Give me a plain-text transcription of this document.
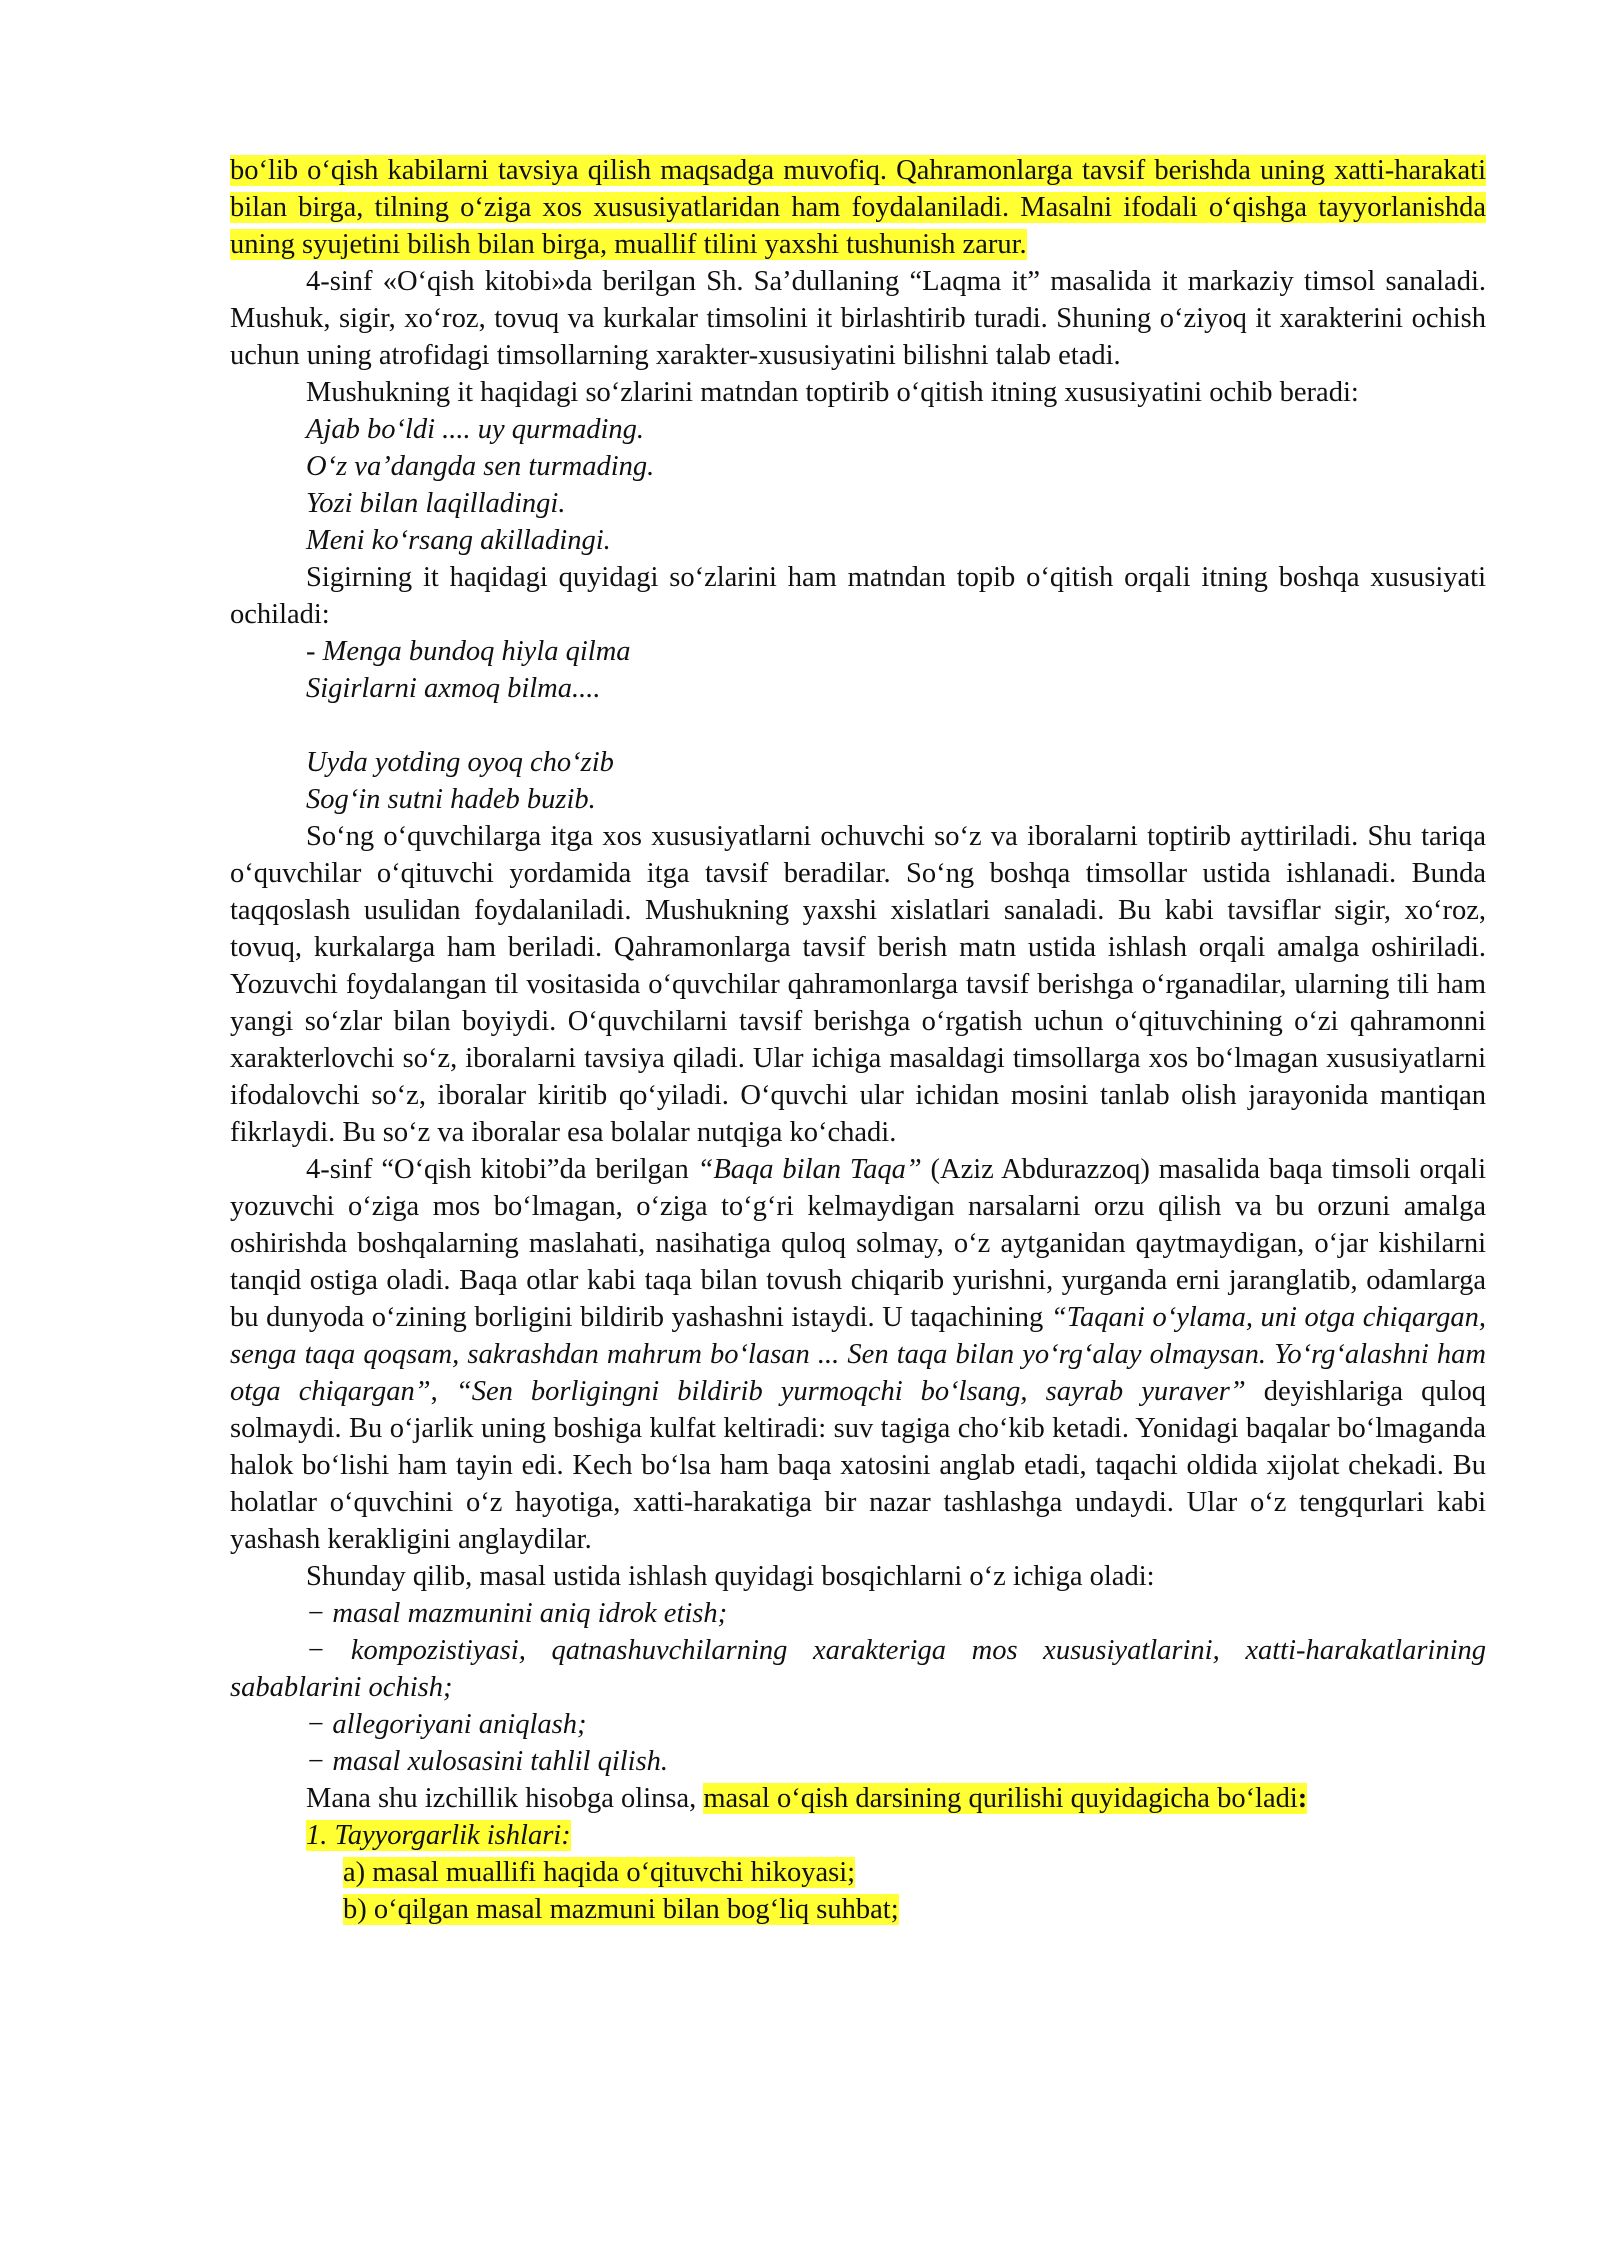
bo‘lib o‘qish kabilarni tavsiya qilish maqsadga muvofiq. Qahramonlarga tavsif berishda uning xatti-harakati bilan birga, tilning o‘ziga xos xususiyatlaridan ham foydalaniladi. Masalni ifodali o‘qishga tayyorlanishda uning syujetini bilish bilan birga, muallif tilini yaxshi tushunish zarur.

4-sinf «O‘qish kitobi»da berilgan Sh. Sa’dullaning “Laqma it” masalida it markaziy timsol sanaladi. Mushuk, sigir, xo‘roz, tovuq va kurkalar timsolini it birlashtirib turadi. Shuning o‘ziyoq it xarakterini ochish uchun uning atrofidagi timsollarning xarakter-xususiyatini bilishni talab etadi.

Mushukning it haqidagi so‘zlarini matndan toptirib o‘qitish itning xususiyatini ochib beradi:

Ajab bo‘ldi .... uy qurmading.
O‘z va’dangda sen turmading.
Yozi bilan laqilladingi.
Meni ko‘rsang akilladingi.

Sigirning it haqidagi quyidagi so‘zlarini ham matndan topib o‘qitish orqali itning boshqa xususiyati ochiladi:

- Menga bundoq hiyla qilma
Sigirlarni axmoq bilma....
Uyda yotding oyoq cho‘zib
Sog‘in sutni hadeb buzib.

So‘ng o‘quvchilarga itga xos xususiyatlarni ochuvchi so‘z va iboralarni toptirib ayttiriladi. Shu tariqa o‘quvchilar o‘qituvchi yordamida itga tavsif beradilar. So‘ng boshqa timsollar ustida ishlanadi. Bunda taqqoslash usulidan foydalaniladi. Mushukning yaxshi xislatlari sanaladi. Bu kabi tavsiflar sigir, xo‘roz, tovuq, kurkalarga ham beriladi. Qahramonlarga tavsif berish matn ustida ishlash orqali amalga oshiriladi. Yozuvchi foydalangan til vositasida o‘quvchilar qahramonlarga tavsif berishga o‘rganadilar, ularning tili ham yangi so‘zlar bilan boyiydi. O‘quvchilarni tavsif berishga o‘rgatish uchun o‘qituvchining o‘zi qahramonni xarakterlovchi so‘z, iboralarni tavsiya qiladi. Ular ichiga masaldagi timsollarga xos bo‘lmagan xususiyatlarni ifodalovchi so‘z, iboralar kiritib qo‘yiladi. O‘quvchi ular ichidan mosini tanlab olish jarayonida mantiqan fikrlaydi. Bu so‘z va iboralar esa bolalar nutqiga ko‘chadi.

4-sinf “O‘qish kitobi”da berilgan “Baqa bilan Taqa” (Aziz Abdurazzoq) masalida baqa timsoli orqali yozuvchi o‘ziga mos bo‘lmagan, o‘ziga to‘g‘ri kelmaydigan narsalarni orzu qilish va bu orzuni amalga oshirishda boshqalarning maslahati, nasihatiga quloq solmay, o‘z aytganidan qaytmaydigan, o‘jar kishilarni tanqid ostiga oladi. Baqa otlar kabi taqa bilan tovush chiqarib yurishni, yurganda erni jaranglatib, odamlarga bu dunyoda o‘zining borligini bildirib yashashni istaydi. U taqachining “Taqani o‘ylama, uni otga chiqargan, senga taqa qoqsam, sakrashdan mahrum bo‘lasan ... Sen taqa bilan yo‘rg‘alay olmaysan. Yo‘rg‘alashni ham otga chiqargan”, “Sen borligingni bildirib yurmoqchi bo‘lsang, sayrab yuraver” deyishlariga quloq solmaydi. Bu o‘jarlik uning boshiga kulfat keltiradi: suv tagiga cho‘kib ketadi. Yonidagi baqalar bo‘lmaganda halok bo‘lishi ham tayin edi. Kech bo‘lsa ham baqa xatosini anglab etadi, taqachi oldida xijolat chekadi. Bu holatlar o‘quvchini o‘z hayotiga, xatti-harakatiga bir nazar tashlashga undaydi. Ular o‘z tengqurlari kabi yashash kerakligini anglaydilar.

Shunday qilib, masal ustida ishlash quyidagi bosqichlarni o‘z ichiga oladi:

− masal mazmunini aniq idrok etish;

− kompozistiyasi, qatnashuvchilarning xarakteriga mos xususiyatlarini, xatti-harakatlarining sabablarini ochish;

− allegoriyani aniqlash;
− masal xulosasini tahlil qilish.

Mana shu izchillik hisobga olinsa, masal o‘qish darsining qurilishi quyidagicha bo‘ladi:

1. Tayyorgarlik ishlari:
a) masal muallifi haqida o‘qituvchi hikoyasi;
b) o‘qilgan masal mazmuni bilan bog‘liq suhbat;
